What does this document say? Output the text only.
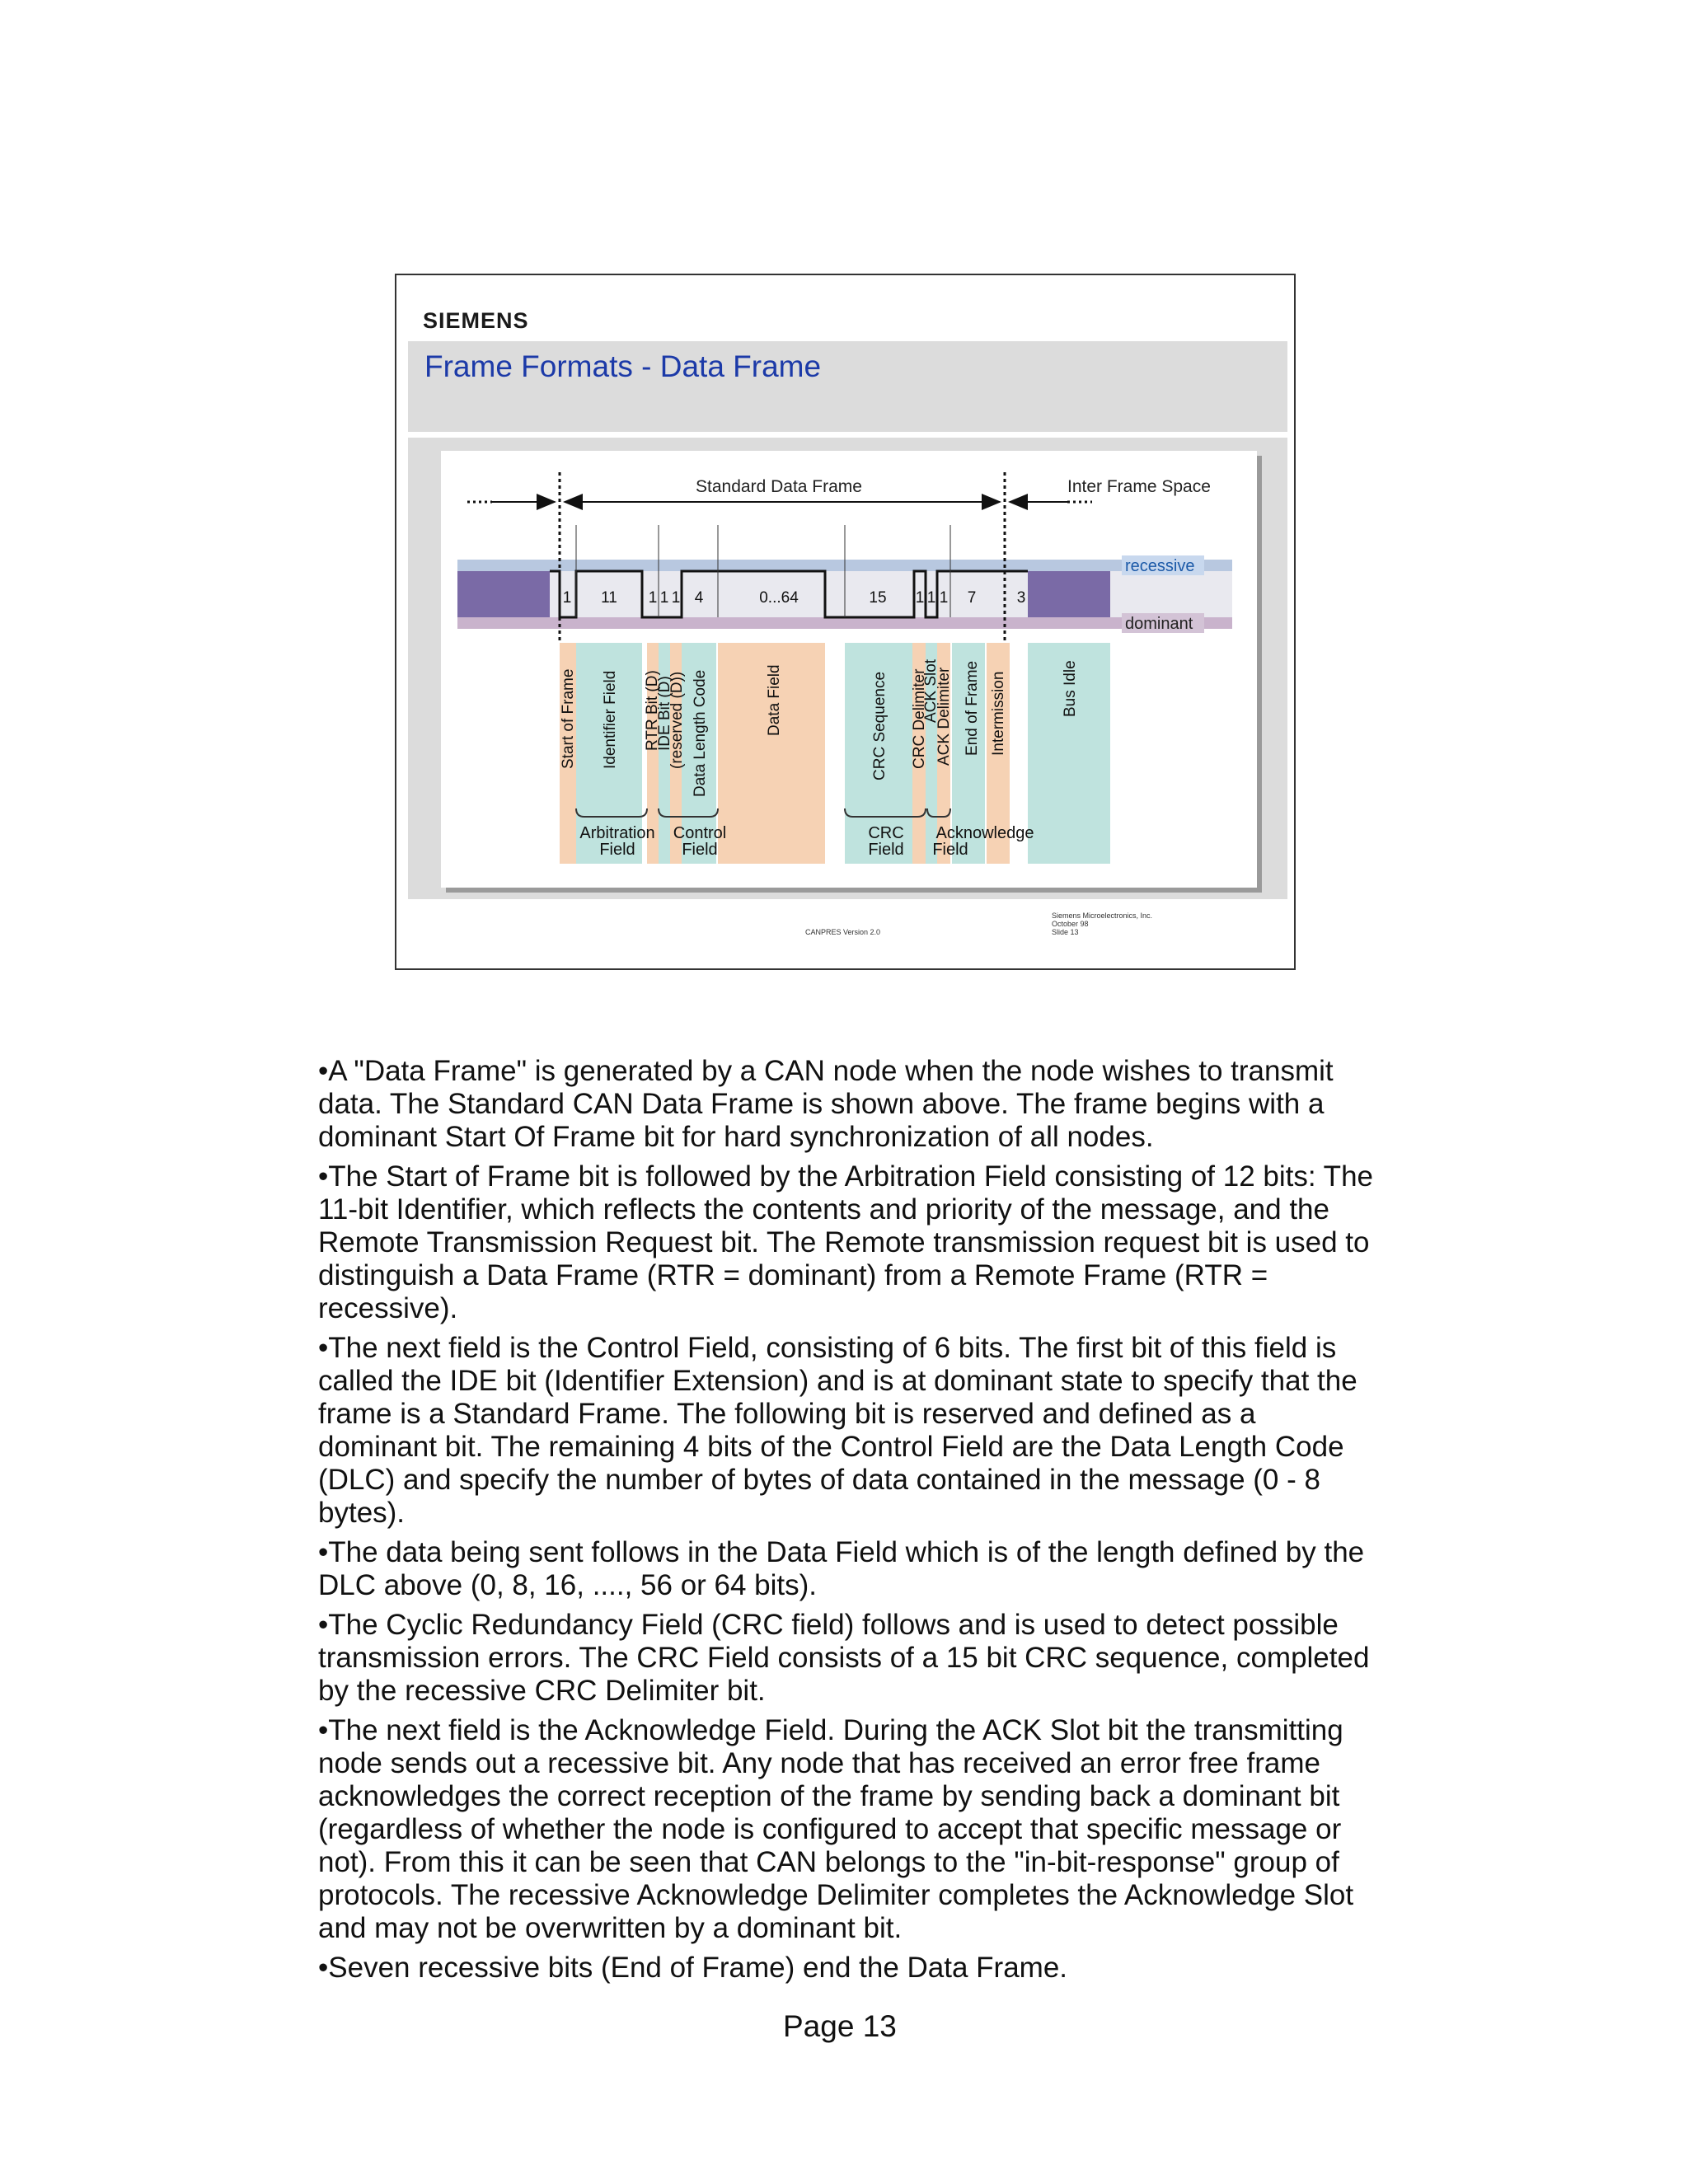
SIEMENS
Frame Formats - Data Frame
Standard Data Frame	Inter Frame Space
recessive
dominant
1 11 1 1 1 4	0...64	15 1 1 1 7	3
Start of Frame Identifier Field RTR Bit (D)
IDE Bit (D)
(reserved (D)) Data Length Code	Data Field	CRC Sequence CRC Delimiter
ACK Slot
ACK Delimiter End of Frame Intermission	Bus Idle
Arbitration
Field
Control
Field
CRC
Field
Acknowledge
Field
CANPRES Version 2.0
Siemens Microelectronics, Inc.
October 98
Slide 13

•A "Data Frame" is generated by a CAN node when the node wishes to transmit data. The Standard CAN Data Frame is shown above. The frame begins with a dominant Start Of Frame bit for hard synchronization of all nodes.

•The Start of Frame bit is followed by the Arbitration Field consisting of 12 bits: The 11-bit Identifier, which reflects the contents and priority of the message, and the Remote Transmission Request bit. The Remote transmission request bit is used to distinguish a Data Frame (RTR = dominant) from a Remote Frame (RTR = recessive).

•The next field is the Control Field, consisting of 6 bits. The first bit of this field is called the IDE bit (Identifier Extension) and is at dominant state to specify that the frame is a Standard Frame. The following bit is reserved and defined as a dominant bit. The remaining 4 bits of the Control Field are the Data Length Code (DLC) and specify the number of bytes of data contained in the message (0 - 8 bytes).

•The data being sent follows in the Data Field which is of the length defined by the DLC above (0, 8, 16, ...., 56 or 64 bits).

•The Cyclic Redundancy Field (CRC field) follows and is used to detect possible transmission errors. The CRC Field consists of a 15 bit CRC sequence, completed by the recessive CRC Delimiter bit.

•The next field is the Acknowledge Field. During the ACK Slot bit the transmitting node sends out a recessive bit. Any node that has received an error free frame acknowledges the correct reception of the frame by sending back a dominant bit (regardless of whether the node is configured to accept that specific message or not). From this it can be seen that CAN belongs to the "in-bit-response" group of protocols. The recessive Acknowledge Delimiter completes the Acknowledge Slot and may not be overwritten by a dominant bit.

•Seven recessive bits (End of Frame) end the Data Frame.

Page 13
